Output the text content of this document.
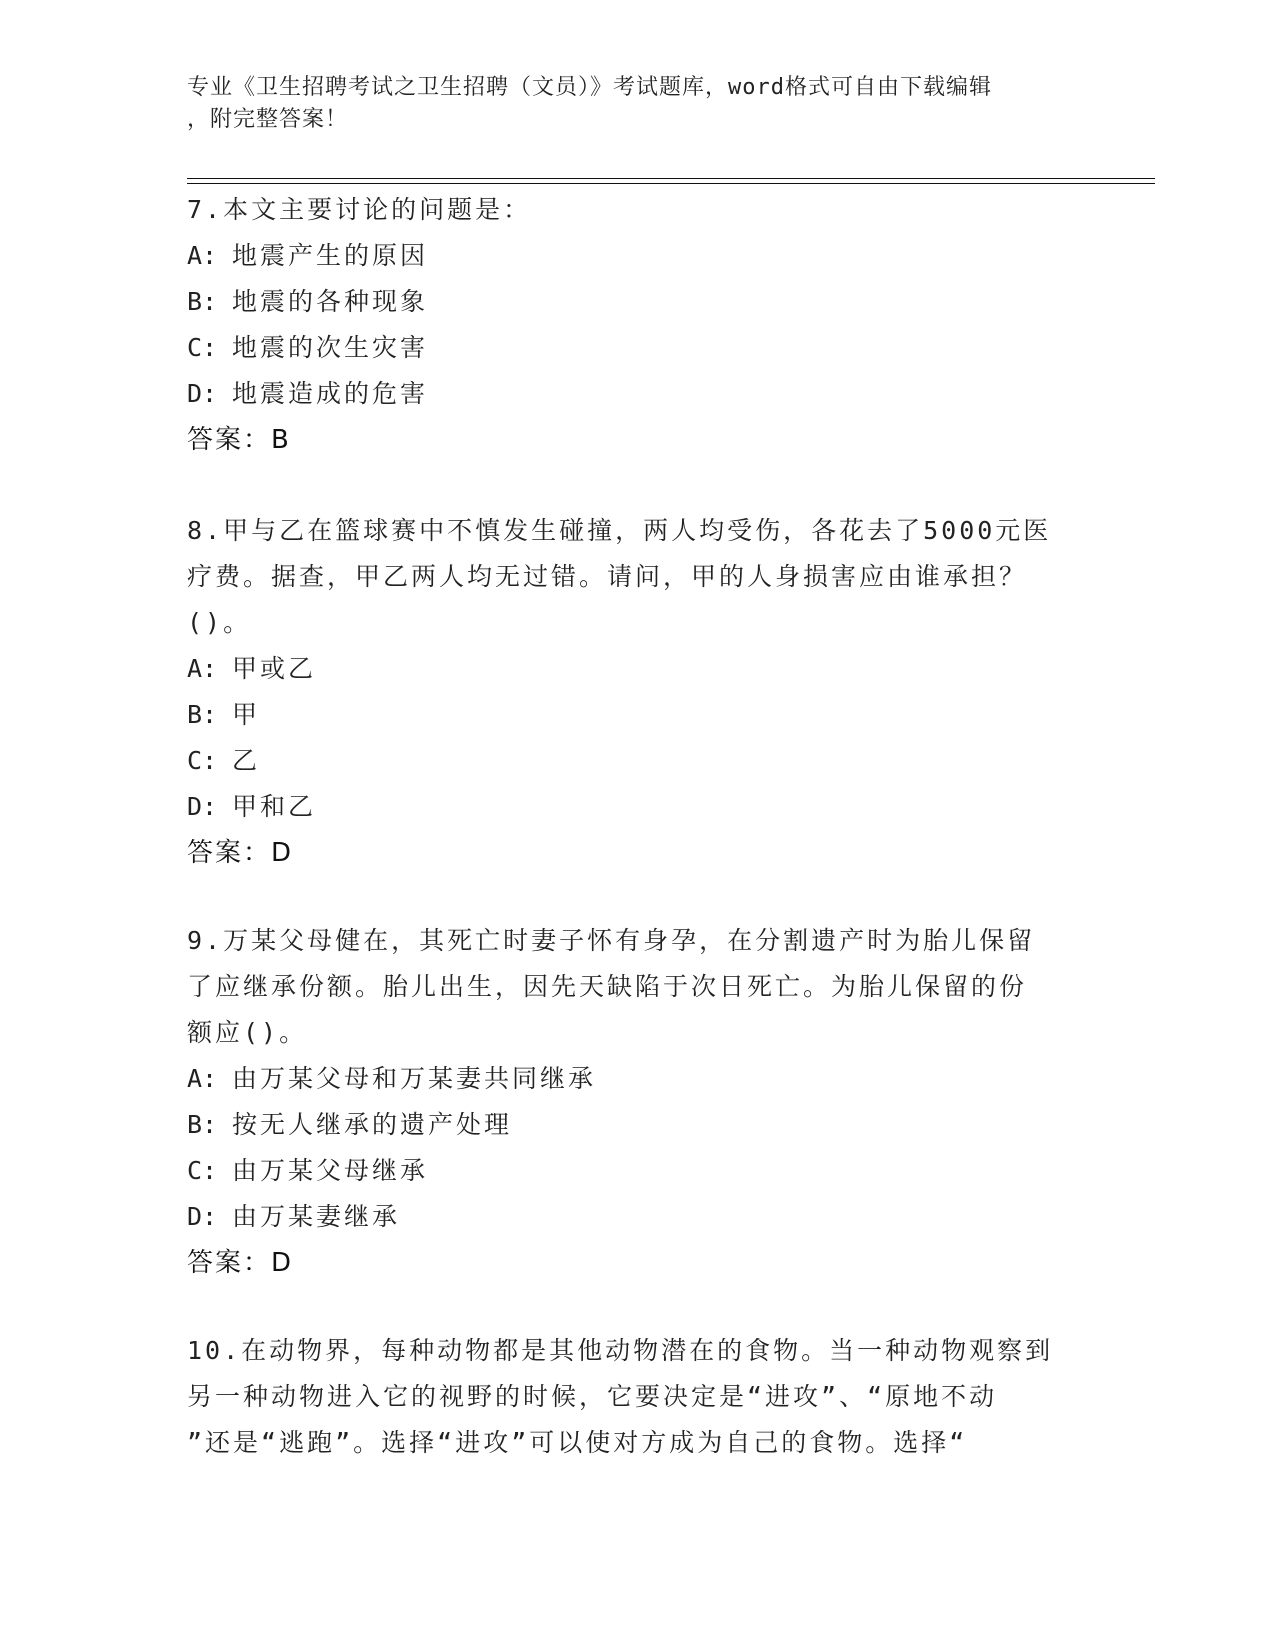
专业《卫生招聘考试之卫生招聘（文员）》考试题库，word格式可自由下载编辑
，附完整答案！
7.本文主要讨论的问题是：
A: 地震产生的原因
B: 地震的各种现象
C: 地震的次生灾害
D: 地震造成的危害
答案：B
8.甲与乙在篮球赛中不慎发生碰撞，两人均受伤，各花去了5000元医
疗费。据查，甲乙两人均无过错。请问，甲的人身损害应由谁承担？
()。
A: 甲或乙
B: 甲
C: 乙
D: 甲和乙
答案：D
9.万某父母健在，其死亡时妻子怀有身孕，在分割遗产时为胎儿保留
了应继承份额。胎儿出生，因先天缺陷于次日死亡。为胎儿保留的份
额应()。
A: 由万某父母和万某妻共同继承
B: 按无人继承的遗产处理
C: 由万某父母继承
D: 由万某妻继承
答案：D
10.在动物界，每种动物都是其他动物潜在的食物。当一种动物观察到
另一种动物进入它的视野的时候，它要决定是“进攻”、“原地不动
”还是“逃跑”。选择“进攻”可以使对方成为自己的食物。选择“
